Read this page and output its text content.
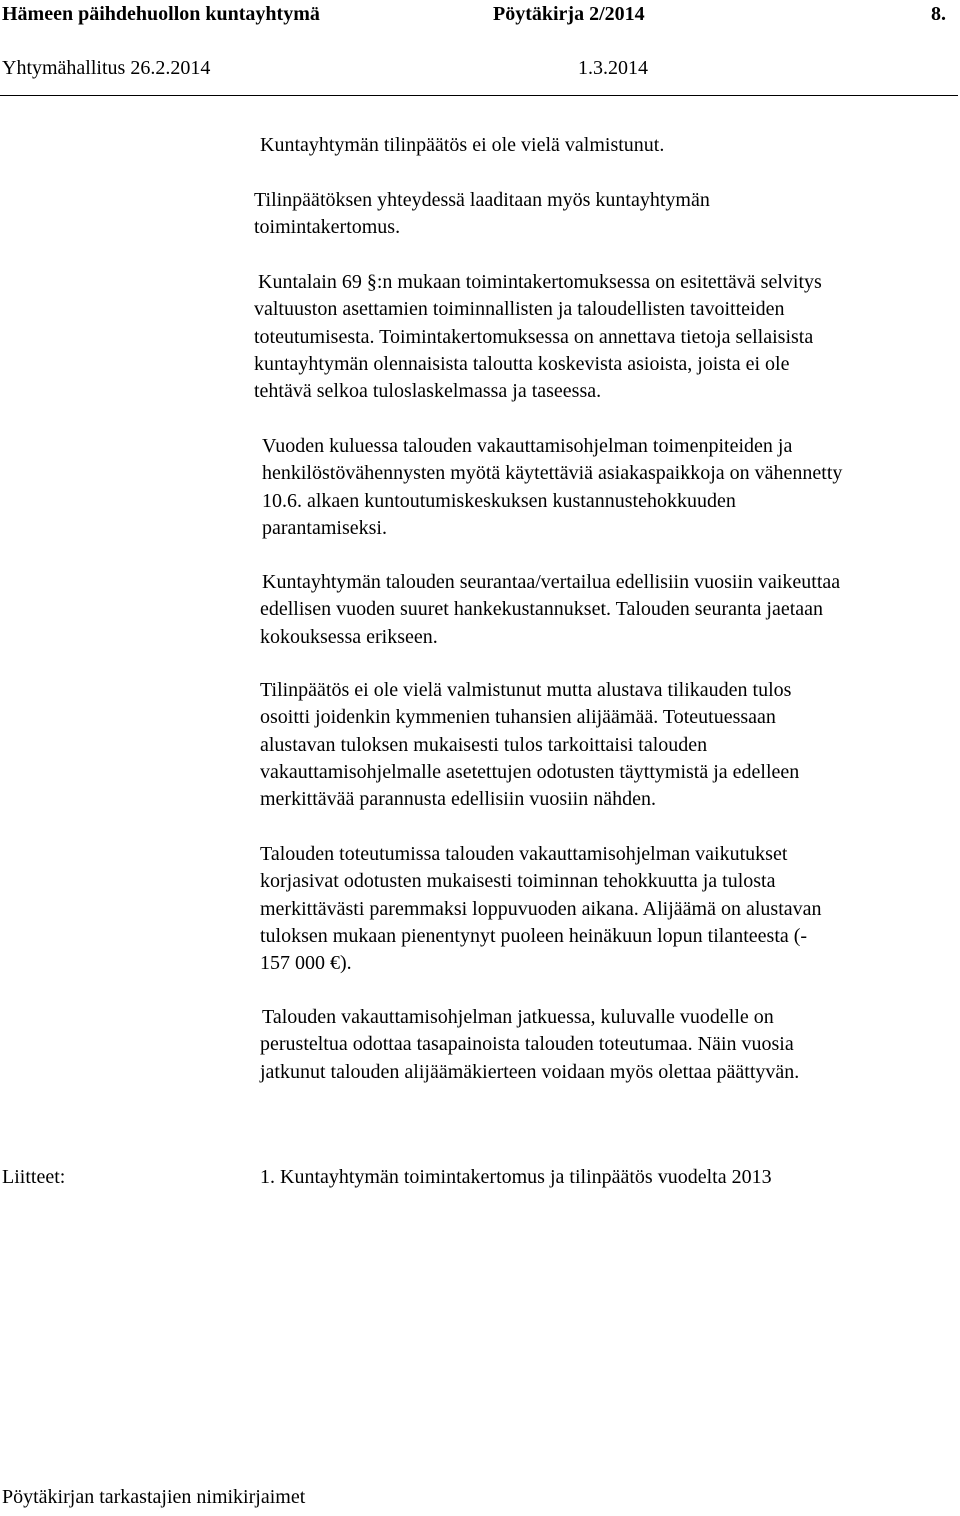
Hämeen päihdehuollon kuntayhtymä	Pöytäkirja 2/2014	8.
Yhtymähallitus 26.2.2014	1.3.2014

Kuntayhtymän tilinpäätös ei ole vielä valmistunut.

Tilinpäätöksen yhteydessä laaditaan myös kuntayhtymän
toimintakertomus.

Kuntalain 69 §:n mukaan toimintakertomuksessa on esitettävä selvitys
valtuuston asettamien toiminnallisten ja taloudellisten tavoitteiden
toteutumisesta. Toimintakertomuksessa on annettava tietoja sellaisista
kuntayhtymän olennaisista taloutta koskevista asioista, joista ei ole
tehtävä selkoa tuloslaskelmassa ja taseessa.

Vuoden kuluessa talouden vakauttamisohjelman toimenpiteiden ja
henkilöstövähennysten myötä käytettäviä asiakaspaikkoja on vähennetty
10.6. alkaen kuntoutumiskeskuksen kustannustehokkuuden
parantamiseksi.

Kuntayhtymän talouden seurantaa/vertailua edellisiin vuosiin vaikeuttaa
edellisen vuoden suuret hankekustannukset. Talouden seuranta jaetaan
kokouksessa erikseen.

Tilinpäätös ei ole vielä valmistunut mutta alustava tilikauden tulos
osoitti joidenkin kymmenien tuhansien alijäämää. Toteutuessaan
alustavan tuloksen mukaisesti tulos tarkoittaisi talouden
vakauttamisohjelmalle asetettujen odotusten täyttymistä ja edelleen
merkittävää parannusta edellisiin vuosiin nähden.

Talouden toteutumissa talouden vakauttamisohjelman vaikutukset
korjasivat odotusten mukaisesti toiminnan tehokkuutta ja tulosta
merkittävästi paremmaksi loppuvuoden aikana. Alijäämä on alustavan
tuloksen mukaan pienentynyt puoleen heinäkuun lopun tilanteesta (-
157 000 €).

Talouden vakauttamisohjelman jatkuessa, kuluvalle vuodelle on
perusteltua odottaa tasapainoista talouden toteutumaa. Näin vuosia
jatkunut talouden alijäämäkierteen voidaan myös olettaa päättyvän.

Liitteet:	1. Kuntayhtymän toimintakertomus ja tilinpäätös vuodelta 2013
Pöytäkirjan tarkastajien nimikirjaimet
